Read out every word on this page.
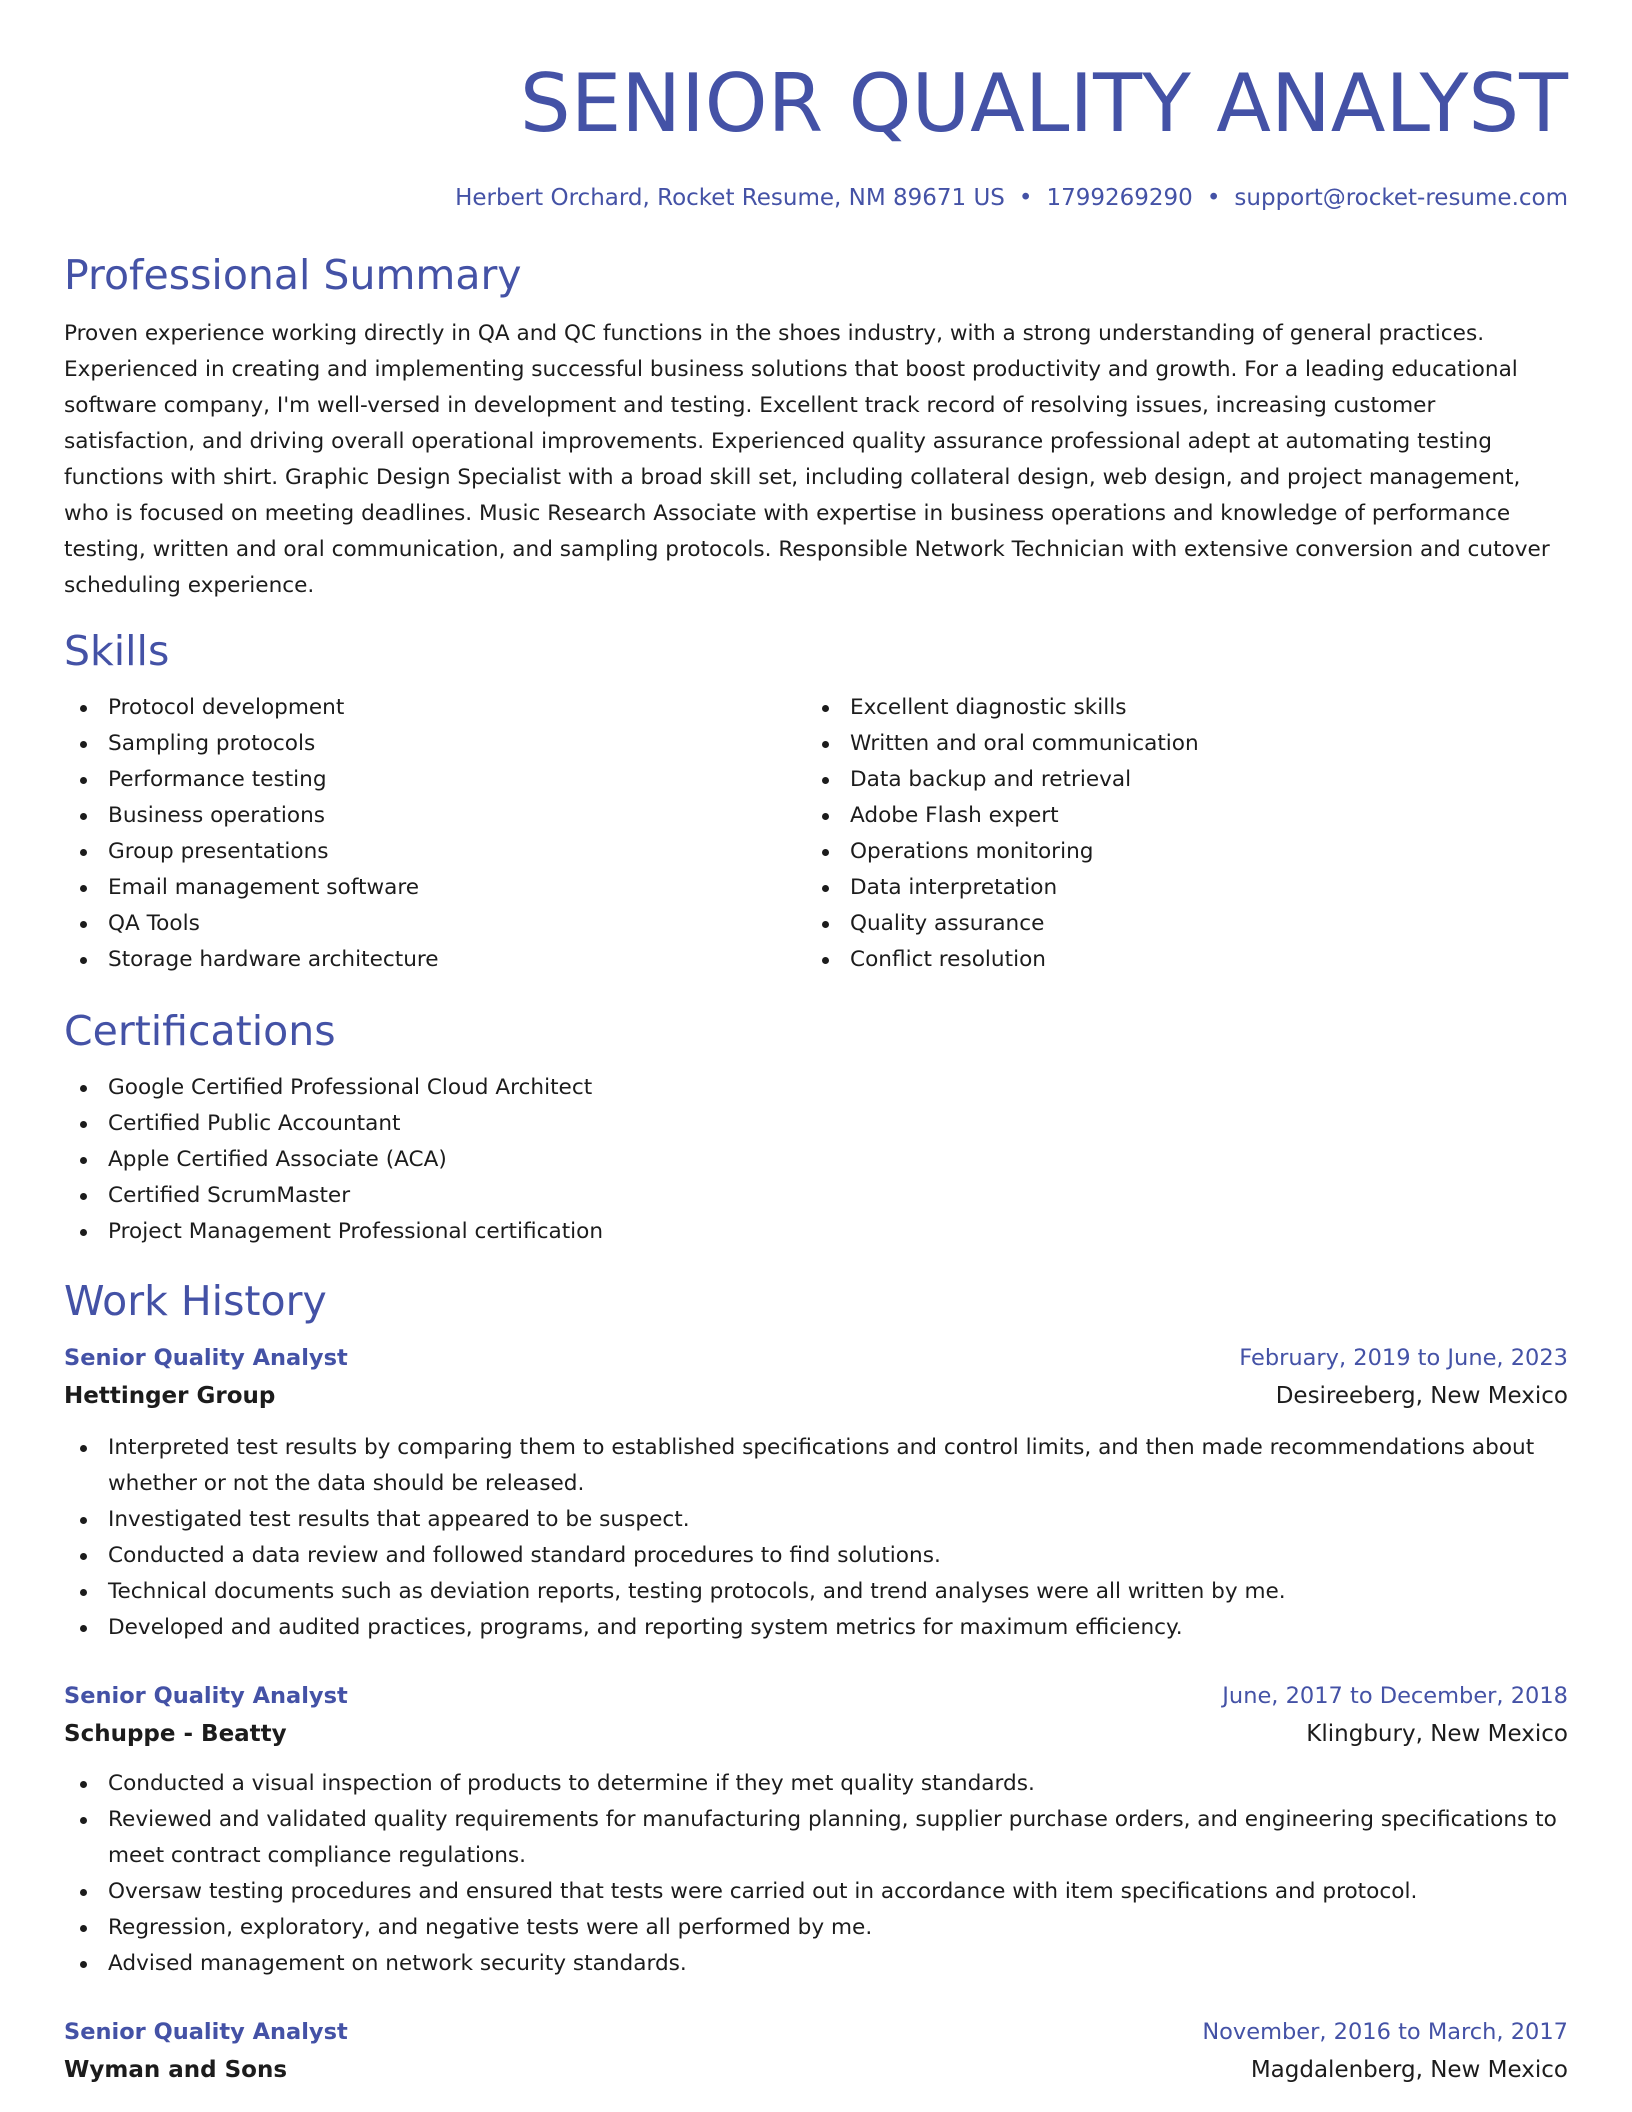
SENIOR QUALITY ANALYST
Herbert Orchard, Rocket Resume, NM 89671 US • 1799269290 • support@rocket-resume.com
Professional Summary

Proven experience working directly in QA and QC functions in the shoes industry, with a strong understanding of general practices. Experienced in creating and implementing successful business solutions that boost productivity and growth. For a leading educational software company, I'm well-versed in development and testing. Excellent track record of resolving issues, increasing customer satisfaction, and driving overall operational improvements. Experienced quality assurance professional adept at automating testing functions with shirt. Graphic Design Specialist with a broad skill set, including collateral design, web design, and project management, who is focused on meeting deadlines. Music Research Associate with expertise in business operations and knowledge of performance testing, written and oral communication, and sampling protocols. Responsible Network Technician with extensive conversion and cutover scheduling experience.

Skills
Protocol development
Sampling protocols
Performance testing
Business operations
Group presentations
Email management software
QA Tools
Storage hardware architecture
Excellent diagnostic skills
Written and oral communication
Data backup and retrieval
Adobe Flash expert
Operations monitoring
Data interpretation
Quality assurance
Conflict resolution
Certifications
Google Certified Professional Cloud Architect
Certified Public Accountant
Apple Certified Associate (ACA)
Certified ScrumMaster
Project Management Professional certification
Work History
Senior Quality Analyst	February, 2019 to June, 2023
Hettinger Group	Desireeberg, New Mexico
Interpreted test results by comparing them to established specifications and control limits, and then made recommendations about whether or not the data should be released.
Investigated test results that appeared to be suspect.
Conducted a data review and followed standard procedures to find solutions.
Technical documents such as deviation reports, testing protocols, and trend analyses were all written by me.
Developed and audited practices, programs, and reporting system metrics for maximum efficiency.
Senior Quality Analyst	June, 2017 to December, 2018
Schuppe - Beatty	Klingbury, New Mexico
Conducted a visual inspection of products to determine if they met quality standards.
Reviewed and validated quality requirements for manufacturing planning, supplier purchase orders, and engineering specifications to meet contract compliance regulations.
Oversaw testing procedures and ensured that tests were carried out in accordance with item specifications and protocol.
Regression, exploratory, and negative tests were all performed by me.
Advised management on network security standards.
Senior Quality Analyst	November, 2016 to March, 2017
Wyman and Sons	Magdalenberg, New Mexico
